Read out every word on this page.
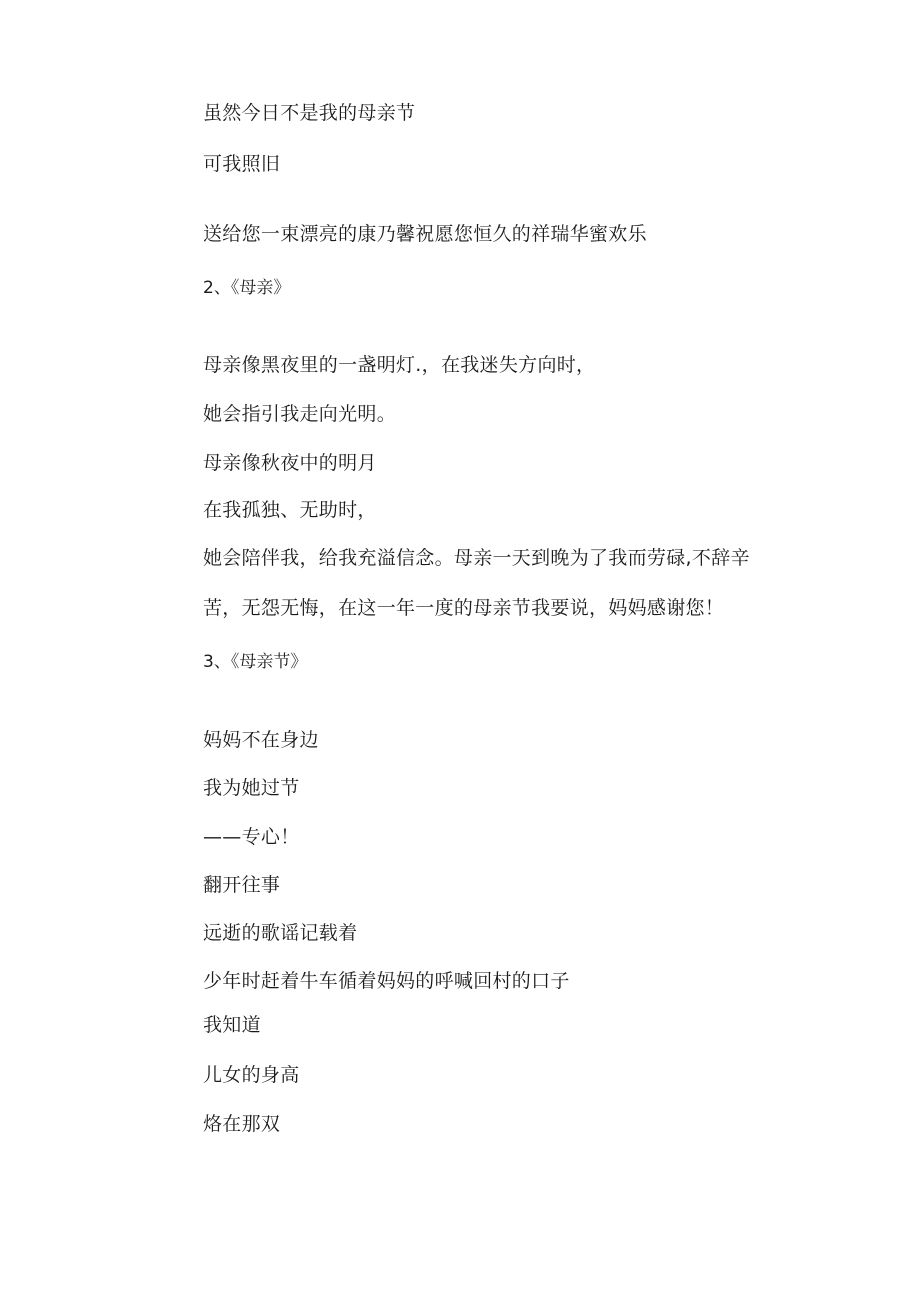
虽然今日不是我的母亲节
可我照旧
送给您一束漂亮的康乃馨祝愿您恒久的祥瑞华蜜欢乐
2、《母亲》
母亲像黑夜里的一盏明灯.，在我迷失方向时，
她会指引我走向光明。
母亲像秋夜中的明月
在我孤独、无助时，
她会陪伴我，给我充溢信念。母亲一天到晚为了我而劳碌,不辞辛
苦，无怨无悔，在这一年一度的母亲节我要说，妈妈感谢您！
3、《母亲节》
妈妈不在身边
我为她过节
——专心！
翻开往事
远逝的歌谣记载着
少年时赶着牛车循着妈妈的呼喊回村的口子
我知道
儿女的身高
烙在那双
